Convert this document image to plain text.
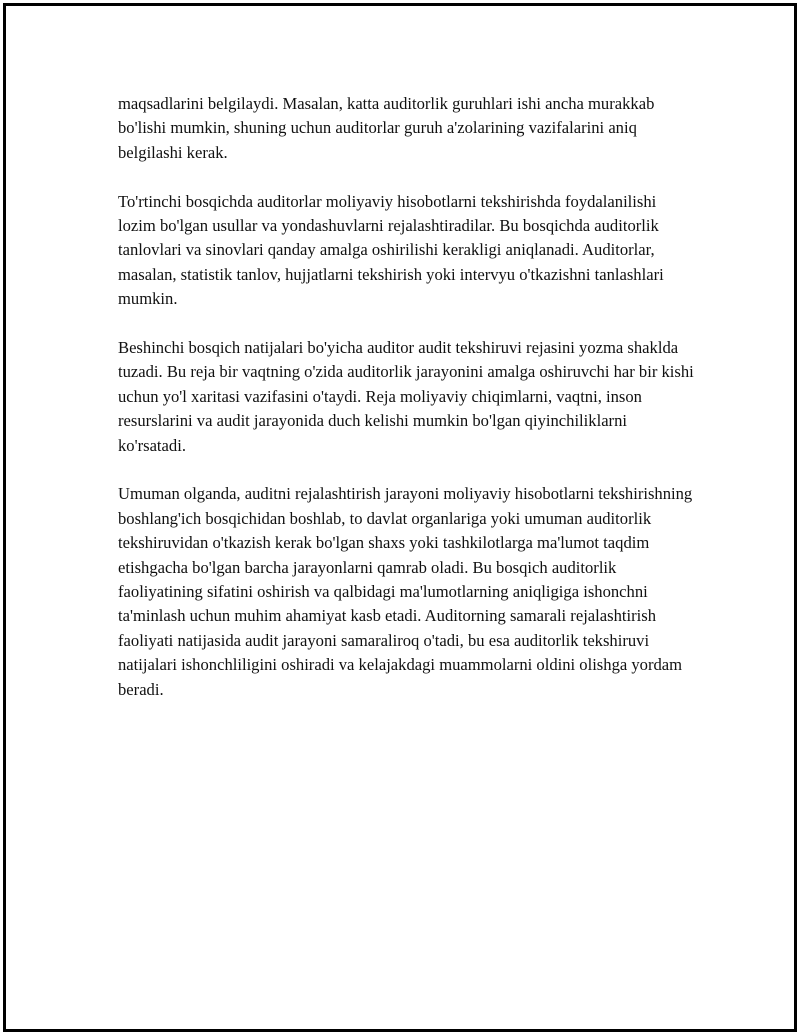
maqsadlarini belgilaydi. Masalan, katta auditorlik guruhlari ishi ancha murakkab bo'lishi mumkin, shuning uchun auditorlar guruh a'zolarining vazifalarini aniq belgilashi kerak.

To'rtinchi bosqichda auditorlar moliyaviy hisobotlarni tekshirishda foydalanilishi lozim bo'lgan usullar va yondashuvlarni rejalashtiradilar. Bu bosqichda auditorlik tanlovlari va sinovlari qanday amalga oshirilishi kerakligi aniqlanadi. Auditorlar, masalan, statistik tanlov, hujjatlarni tekshirish yoki intervyu o'tkazishni tanlashlari mumkin.

Beshinchi bosqich natijalari bo'yicha auditor audit tekshiruvi rejasini yozma shaklda tuzadi. Bu reja bir vaqtning o'zida auditorlik jarayonini amalga oshiruvchi har bir kishi uchun yo'l xaritasi vazifasini o'taydi. Reja moliyaviy chiqimlarni, vaqtni, inson resurslarini va audit jarayonida duch kelishi mumkin bo'lgan qiyinchiliklarni ko'rsatadi.

Umuman olganda, auditni rejalashtirish jarayoni moliyaviy hisobotlarni tekshirishning boshlang'ich bosqichidan boshlab, to davlat organlariga yoki umuman auditorlik tekshiruvidan o'tkazish kerak bo'lgan shaxs yoki tashkilotlarga ma'lumot taqdim etishgacha bo'lgan barcha jarayonlarni qamrab oladi. Bu bosqich auditorlik faoliyatining sifatini oshirish va qalbidagi ma'lumotlarning aniqligiga ishonchni ta'minlash uchun muhim ahamiyat kasb etadi. Auditorning samarali rejalashtirish faoliyati natijasida audit jarayoni samaraliroq o'tadi, bu esa auditorlik tekshiruvi natijalari ishonchliligini oshiradi va kelajakdagi muammolarni oldini olishga yordam beradi.
